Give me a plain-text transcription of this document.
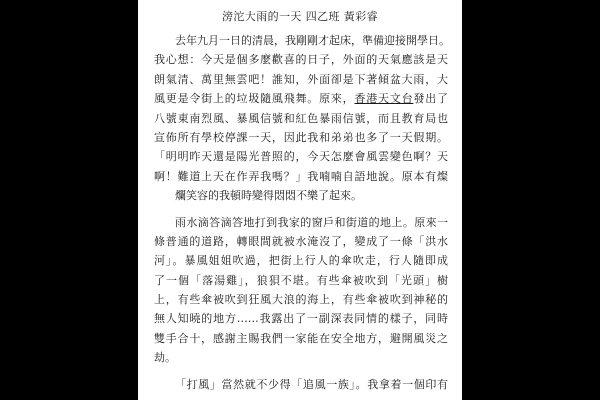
滂沱大雨的一天 四乙班 黃彩睿
去年九月一日的清晨，我剛剛才起床，準備迎接開學日。
我心想：今天是個多麼歡喜的日子，外面的天氣應該是天
朗氣清、萬里無雲吧！誰知，外面卻是下著傾盆大雨，大
風更是令街上的垃圾隨風飛舞。原來，香港天文台發出了
八號東南烈風、暴風信號和紅色暴雨信號，而且教育局也
宣佈所有學校停課一天，因此我和弟弟也多了一天假期。
「明明昨天還是陽光普照的，今天怎麼會風雲變色啊？天
啊！難道上天在作弄我嗎？」我喃喃自語地說。原本有燦
爛笑容的我頓時變得悶悶不樂了起來。
雨水滴答滴答地打到我家的窗戶和街道的地上。原來一
條普通的道路，轉眼間就被水淹沒了，變成了一條「洪水
河」。暴風姐姐吹過，把街上行人的傘吹走，行人隨即成
了一個「落湯雞」，狼狽不堪。有些傘被吹到「光頭」樹
上，有些傘被吹到狂風大浪的海上，有些傘被吹到神秘的
無人知曉的地方……我露出了一副深表同情的樣子，同時
雙手合十，感謝主賜我們一家能在安全地方，避開風災之
劫。
「打風」當然就不少得「追風一族」。我拿着一個印有
